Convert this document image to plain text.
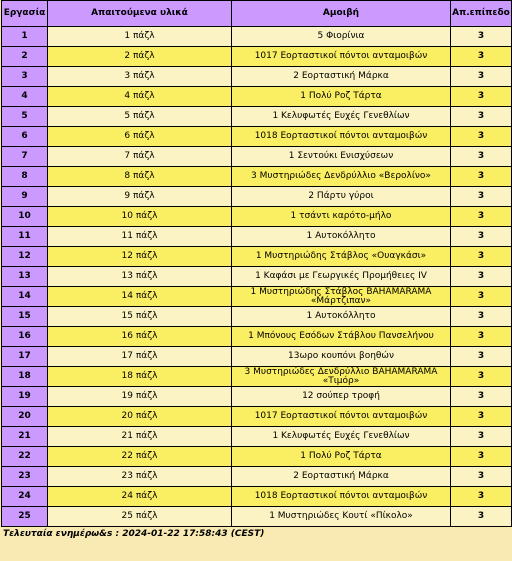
Εργασία	Απαιτούμενα υλικά	Αμοιβή	Απ.επίπεδο
1	1 πάζλ	5 Φιορίνια	3
2	2 πάζλ	1017 Εορταστικοί πόντοι ανταμοιβών	3
3	3 πάζλ	2 Εορταστική Μάρκα	3
4	4 πάζλ	1 Πολύ Ροζ Τάρτα	3
5	5 πάζλ	1 Κελυφωτές Ευχές Γενεθλίων	3
6	6 πάζλ	1018 Εορταστικοί πόντοι ανταμοιβών	3
7	7 πάζλ	1 Σεντούκι Ενισχύσεων	3
8	8 πάζλ	3 Μυστηριώδες Δενδρύλλιο «Βερολίνο»	3
9	9 πάζλ	2 Πάρτυ γύροι	3
10	10 πάζλ	1 τσάντι καρότο-μήλο	3
11	11 πάζλ	1 Αυτοκόλλητο	3
12	12 πάζλ	1 Μυστηριώδης Στάβλος «Ουαγκάσι»	3
13	13 πάζλ	1 Καφάσι με Γεωργικές Προμήθειες IV	3
14	14 πάζλ	1 Μυστηριώδης Στάβλος BAHAMARAMA «Μάρτζιπαν»	3
15	15 πάζλ	1 Αυτοκόλλητο	3
16	16 πάζλ	1 Μπόνους Εσόδων Στάβλου Πανσελήνου	3
17	17 πάζλ	13ωρο κουπόνι βοηθών	3
18	18 πάζλ	3 Μυστηριώδες Δενδρύλλιο BAHAMARAMA «Τιμόρ»	3
19	19 πάζλ	12 σούπερ τροφή	3
20	20 πάζλ	1017 Εορταστικοί πόντοι ανταμοιβών	3
21	21 πάζλ	1 Κελυφωτές Ευχές Γενεθλίων	3
22	22 πάζλ	1 Πολύ Ροζ Τάρτα	3
23	23 πάζλ	2 Εορταστική Μάρκα	3
24	24 πάζλ	1018 Εορταστικοί πόντοι ανταμοιβών	3
25	25 πάζλ	1 Μυστηριώδες Κουτί «Πίκολο»	3
Τελευταία ενημέρω&s : 2024-01-22 17:58:43 (CEST)
